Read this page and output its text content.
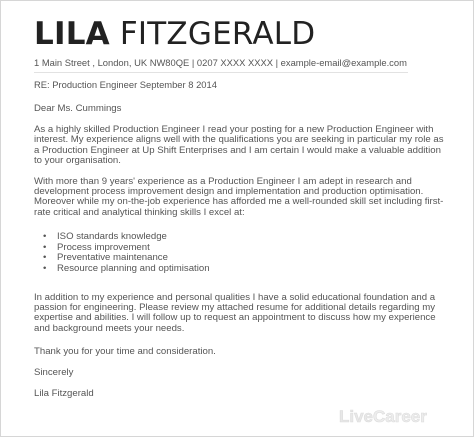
LILA FITZGERALD
1 Main Street , London, UK NW80QE | 0207 XXXX XXXX | example-email@example.com
RE: Production Engineer September 8 2014
Dear Ms. Cummings
As a highly skilled Production Engineer I read your posting for a new Production Engineer with
interest. My experience aligns well with the qualifications you are seeking in particular my role as
a Production Engineer at Up Shift Enterprises and I am certain I would make a valuable addition
to your organisation.
With more than 9 years' experience as a Production Engineer I am adept in research and
development process improvement design and implementation and production optimisation.
Moreover while my on-the-job experience has afforded me a well-rounded skill set including first-
rate critical and analytical thinking skills I excel at:
• ISO standards knowledge
• Process improvement
• Preventative maintenance
• Resource planning and optimisation
In addition to my experience and personal qualities I have a solid educational foundation and a
passion for engineering. Please review my attached resume for additional details regarding my
expertise and abilities. I will follow up to request an appointment to discuss how my experience
and background meets your needs.
Thank you for your time and consideration.
Sincerely
Lila Fitzgerald
Live Career
